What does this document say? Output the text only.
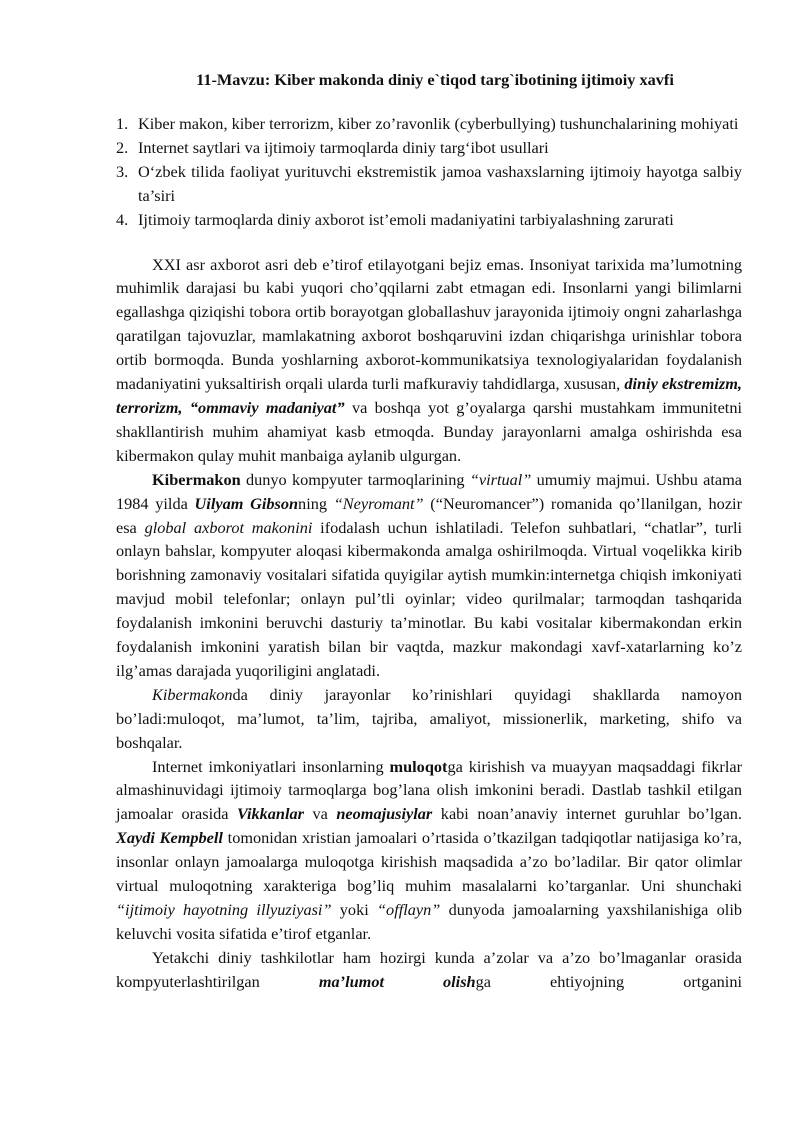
11-Mavzu: Kiber makonda diniy e`tiqod targ`ibotining ijtimoiy xavfi
1. Kiber makon, kiber terrorizm, kiber zo’ravonlik (cyberbullying) tushunchalarining mohiyati
2. Internet saytlari va ijtimoiy tarmoqlarda diniy targ‘ibot usullari
3. O‘zbek tilida faoliyat yurituvchi ekstremistik jamoa vashaxslarning ijtimoiy hayotga salbiy ta’siri
4. Ijtimoiy tarmoqlarda diniy axborot ist’emoli madaniyatini tarbiyalashning zarurati

XXI asr axborot asri deb e’tirof etilayotgani bejiz emas. Insoniyat tarixida ma’lumotning muhimlik darajasi bu kabi yuqori cho’qqilarni zabt etmagan edi. Insonlarni yangi bilimlarni egallashga qiziqishi tobora ortib borayotgan globallashuv jarayonida ijtimoiy ongni zaharlashga qaratilgan tajovuzlar, mamlakatning axborot boshqaruvini izdan chiqarishga urinishlar tobora ortib bormoqda. Bunda yoshlarning axborot-kommunikatsiya texnologiyalaridan foydalanish madaniyatini yuksaltirish orqali ularda turli mafkuraviy tahdidlarga, xususan, diniy ekstremizm, terrorizm, “ommaviy madaniyat” va boshqa yot g’oyalarga qarshi mustahkam immunitetni shakllantirish muhim ahamiyat kasb etmoqda. Bunday jarayonlarni amalga oshirishda esa kibermakon qulay muhit manbaiga aylanib ulgurgan.

Kibermakon dunyo kompyuter tarmoqlarining “virtual” umumiy majmui. Ushbu atama 1984 yilda Uilyam Gibsonning “Neyromant” (“Neuromancer”) romanida qo’llanilgan, hozir esa global axborot makonini ifodalash uchun ishlatiladi. Telefon suhbatlari, “chatlar”, turli onlayn bahslar, kompyuter aloqasi kibermakonda amalga oshirilmoqda. Virtual voqelikka kirib borishning zamonaviy vositalari sifatida quyigilar aytish mumkin:internetga chiqish imkoniyati mavjud mobil telefonlar; onlayn pul’tli oyinlar; video qurilmalar; tarmoqdan tashqarida foydalanish imkonini beruvchi dasturiy ta’minotlar. Bu kabi vositalar kibermakondan erkin foydalanish imkonini yaratish bilan bir vaqtda, mazkur makondagi xavf-xatarlarning ko’z ilg’amas darajada yuqoriligini anglatadi.

Kibermakonda diniy jarayonlar ko’rinishlari quyidagi shakllarda namoyon bo’ladi:muloqot, ma’lumot, ta’lim, tajriba, amaliyot, missionerlik, marketing, shifo va boshqalar.

Internet imkoniyatlari insonlarning muloqotga kirishish va muayyan maqsaddagi fikrlar almashinuvidagi ijtimoiy tarmoqlarga bog’lana olish imkonini beradi. Dastlab tashkil etilgan jamoalar orasida Vikkanlar va neomajusiylar kabi noan’anaviy internet guruhlar bo’lgan. Xaydi Kempbell tomonidan xristian jamoalari o’rtasida o’tkazilgan tadqiqotlar natijasiga ko’ra, insonlar onlayn jamoalarga muloqotga kirishish maqsadida a’zo bo’ladilar. Bir qator olimlar virtual muloqotning xarakteriga bog’liq muhim masalalarni ko’targanlar. Uni shunchaki “ijtimoiy hayotning illyuziyasi” yoki “offlayn” dunyoda jamoalarning yaxshilanishiga olib keluvchi vosita sifatida e’tirof etganlar.

Yetakchi diniy tashkilotlar ham hozirgi kunda a’zolar va a’zo bo’lmaganlar orasida kompyuterlashtirilgan	ma’lumot olishga ehtiyojning ortganini
